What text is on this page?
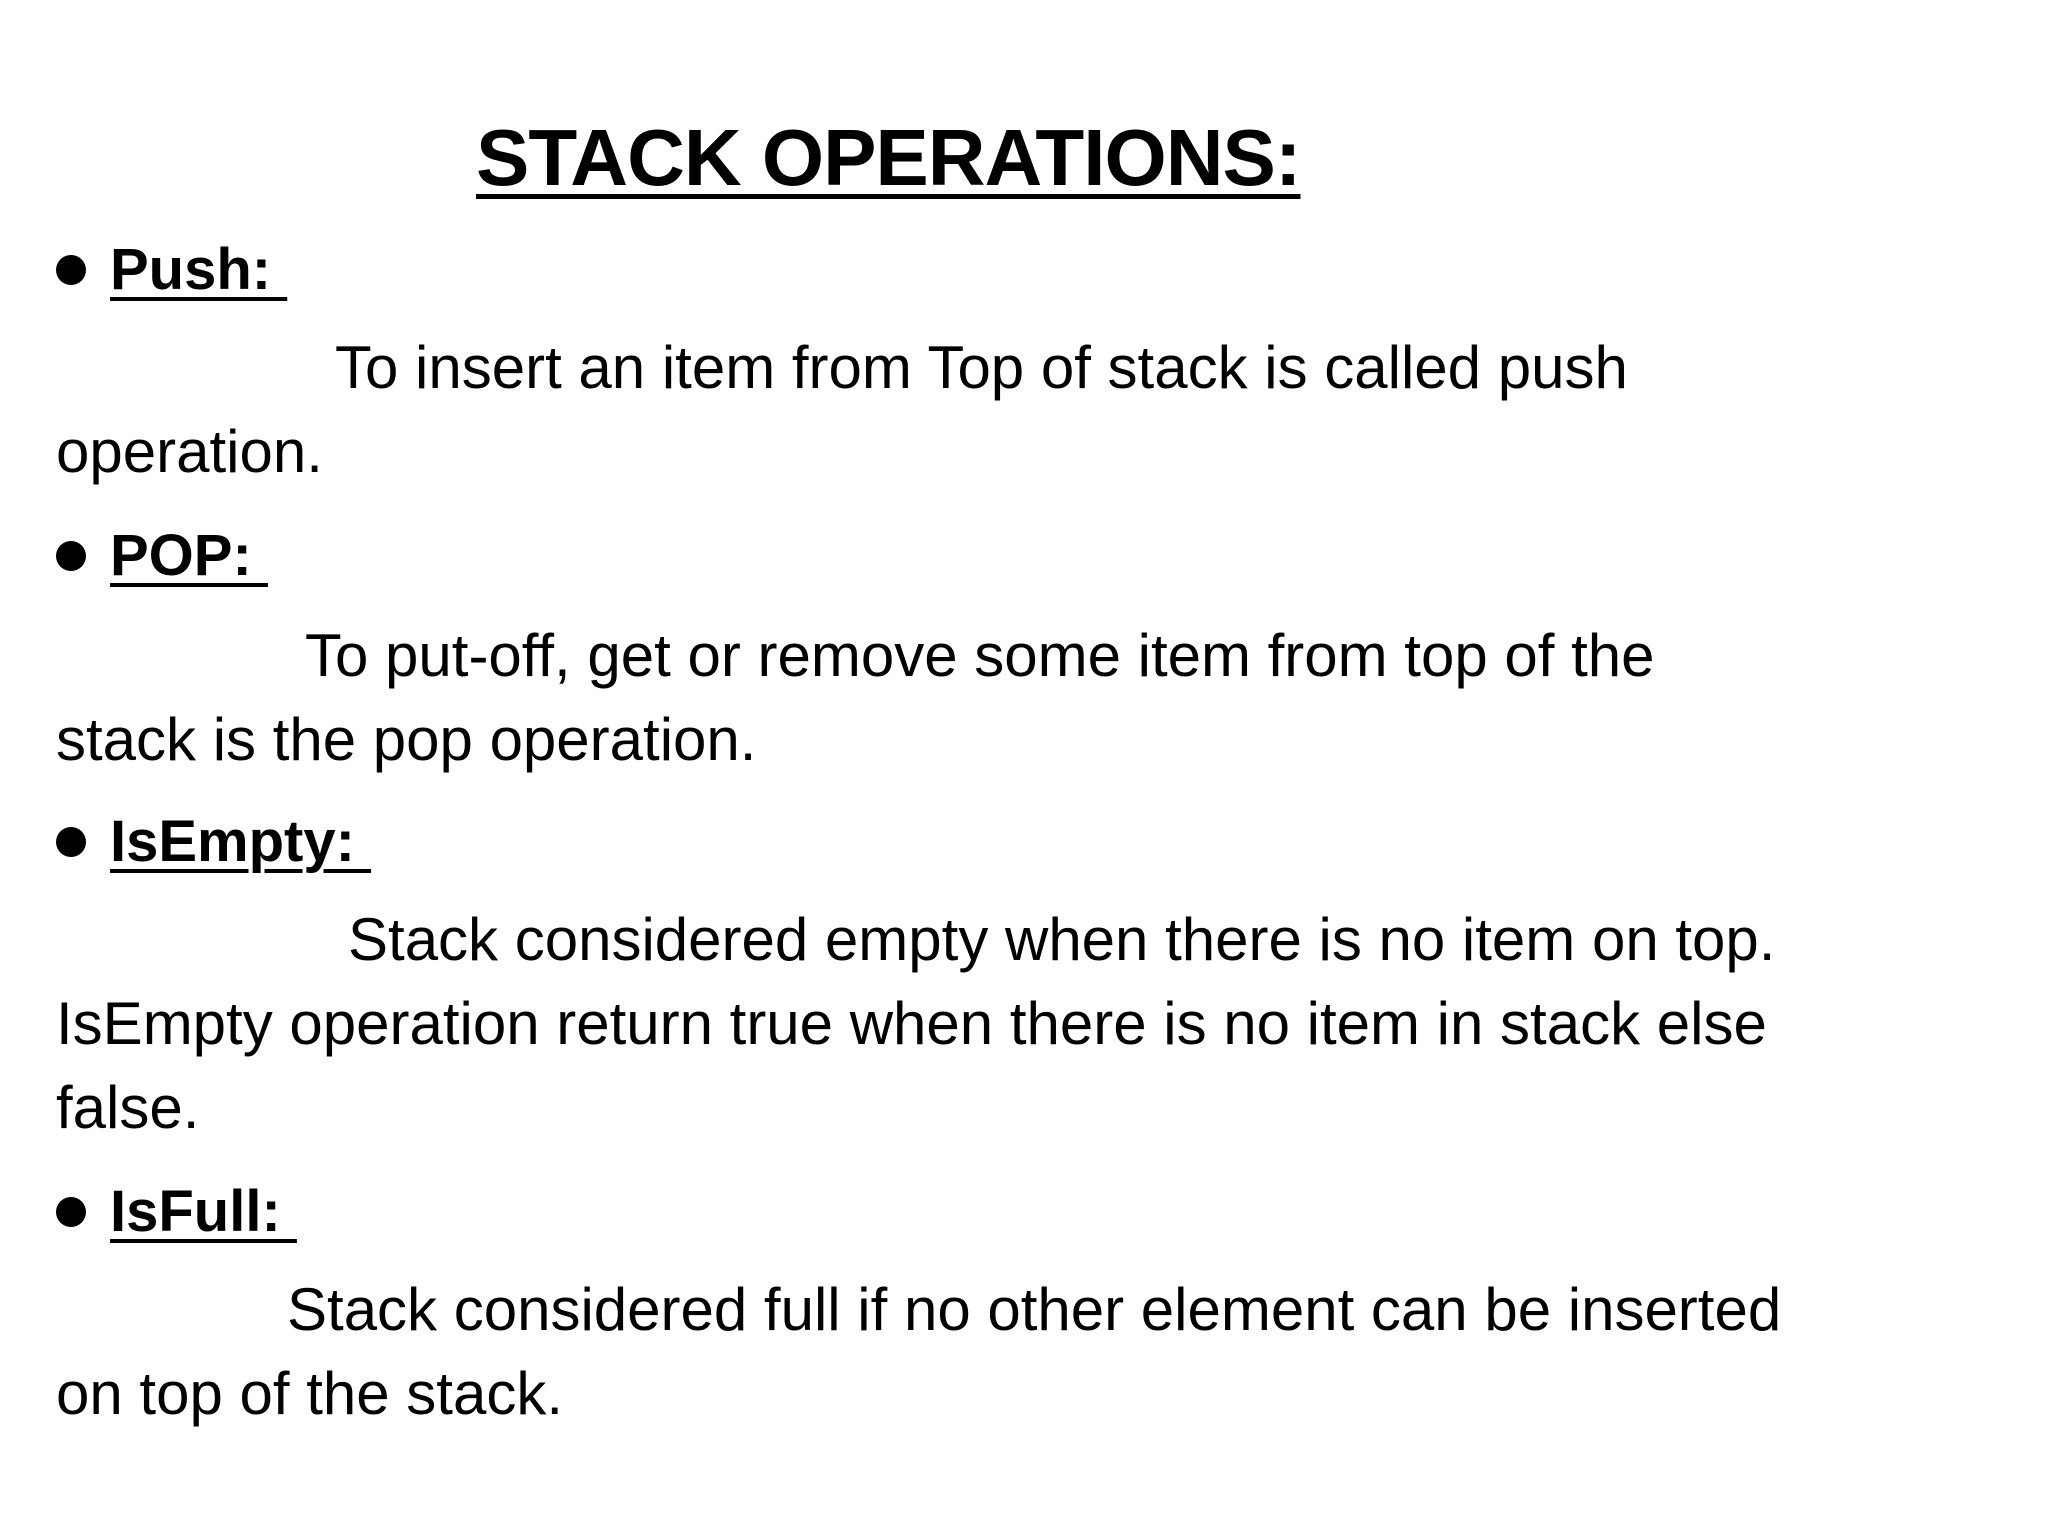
STACK OPERATIONS:
Push:

To insert an item from Top of stack is called push

operation.

POP:

To put-off, get or remove some item from top of the

stack is the pop operation.

IsEmpty:

Stack considered empty when there is no item on top.

IsEmpty operation return true when there is no item in stack else

false.

IsFull:

Stack considered full if no other element can be inserted

on top of the stack.
